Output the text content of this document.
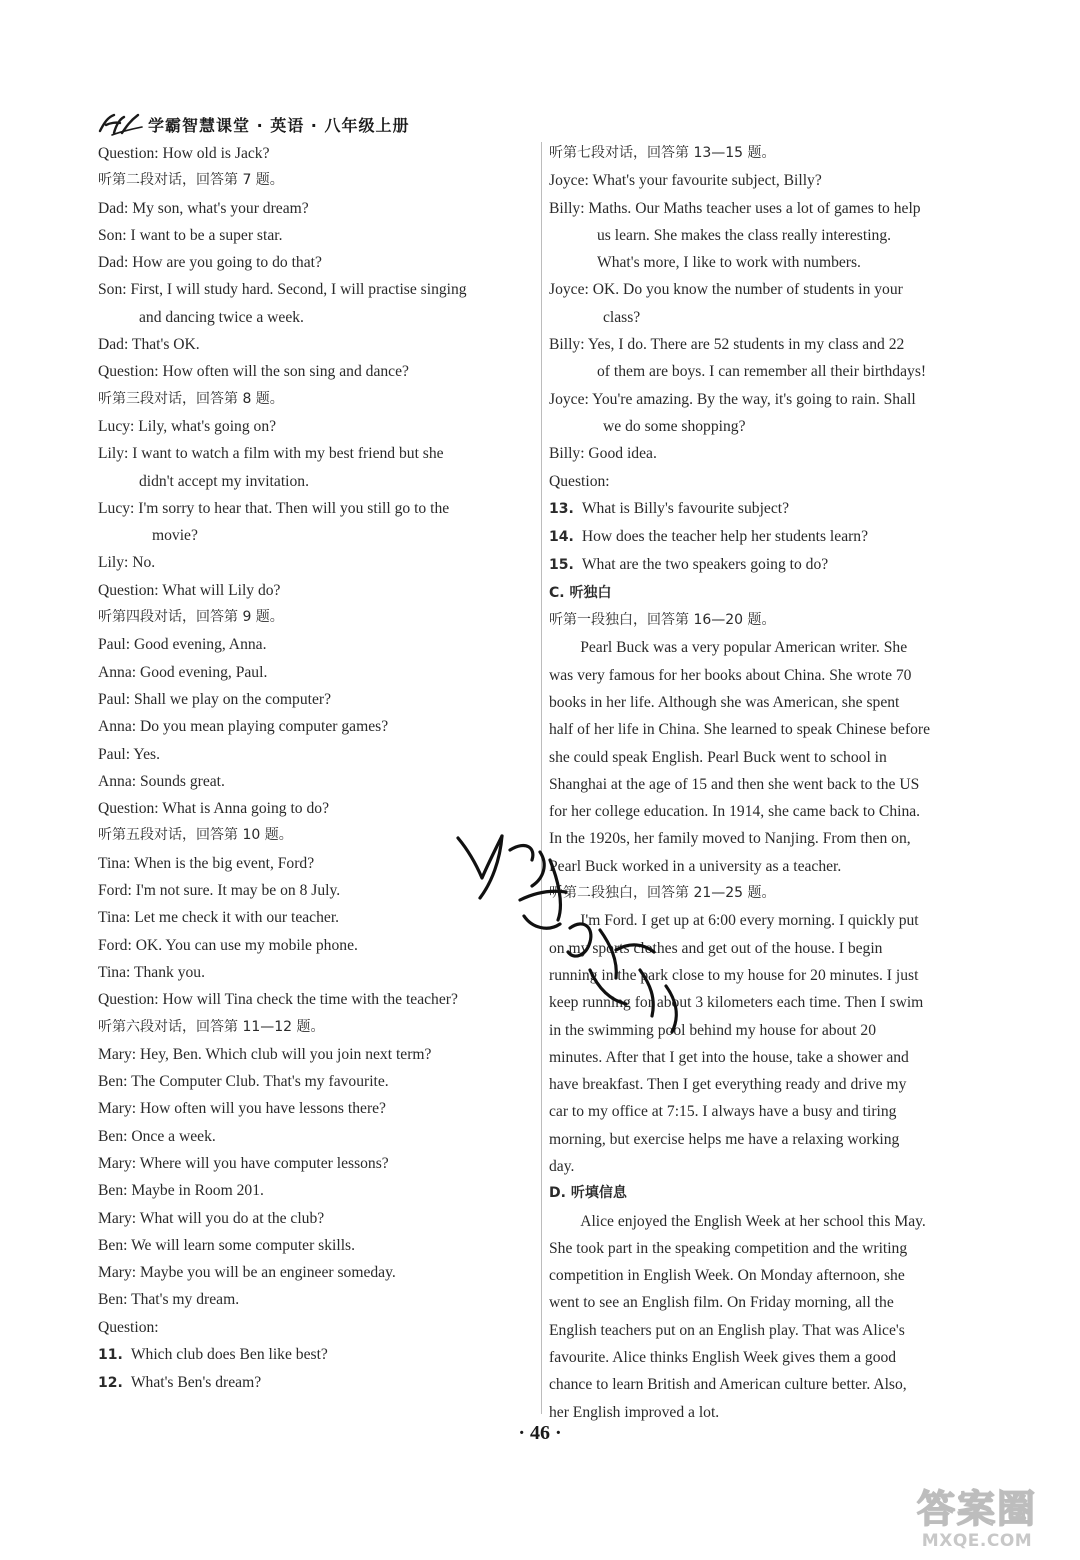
学霸智慧课堂 · 英语 · 八年级上册
Question: How old is Jack?
听第二段对话，回答第 7 题。
Dad: My son, what's your dream?
Son: I want to be a super star.
Dad: How are you going to do that?
Son: First, I will study hard. Second, I will practise singing
and dancing twice a week.
Dad: That's OK.
Question: How often will the son sing and dance?
听第三段对话，回答第 8 题。
Lucy: Lily, what's going on?
Lily: I want to watch a film with my best friend but she
didn't accept my invitation.
Lucy: I'm sorry to hear that. Then will you still go to the
movie?
Lily: No.
Question: What will Lily do?
听第四段对话，回答第 9 题。
Paul: Good evening, Anna.
Anna: Good evening, Paul.
Paul: Shall we play on the computer?
Anna: Do you mean playing computer games?
Paul: Yes.
Anna: Sounds great.
Question: What is Anna going to do?
听第五段对话，回答第 10 题。
Tina: When is the big event, Ford?
Ford: I'm not sure. It may be on 8 July.
Tina: Let me check it with our teacher.
Ford: OK. You can use my mobile phone.
Tina: Thank you.
Question: How will Tina check the time with the teacher?
听第六段对话，回答第 11—12 题。
Mary: Hey, Ben. Which club will you join next term?
Ben: The Computer Club. That's my favourite.
Mary: How often will you have lessons there?
Ben: Once a week.
Mary: Where will you have computer lessons?
Ben: Maybe in Room 201.
Mary: What will you do at the club?
Ben: We will learn some computer skills.
Mary: Maybe you will be an engineer someday.
Ben: That's my dream.
Question:
11. Which club does Ben like best?
12. What's Ben's dream?
听第七段对话，回答第 13—15 题。
Joyce: What's your favourite subject, Billy?
Billy: Maths. Our Maths teacher uses a lot of games to help
us learn. She makes the class really interesting.
What's more, I like to work with numbers.
Joyce: OK. Do you know the number of students in your
class?
Billy: Yes, I do. There are 52 students in my class and 22
of them are boys. I can remember all their birthdays!
Joyce: You're amazing. By the way, it's going to rain. Shall
we do some shopping?
Billy: Good idea.
Question:
13. What is Billy's favourite subject?
14. How does the teacher help her students learn?
15. What are the two speakers going to do?
C. 听独白
听第一段独白，回答第 16—20 题。
Pearl Buck was a very popular American writer. She
was very famous for her books about China. She wrote 70
books in her life. Although she was American, she spent
half of her life in China. She learned to speak Chinese before
she could speak English. Pearl Buck went to school in
Shanghai at the age of 15 and then she went back to the US
for her college education. In 1914, she came back to China.
In the 1920s, her family moved to Nanjing. From then on,
Pearl Buck worked in a university as a teacher.
听第二段独白，回答第 21—25 题。
I'm Ford. I get up at 6:00 every morning. I quickly put
on my sports clothes and get out of the house. I begin
running in the park close to my house for 20 minutes. I just
keep running for about 3 kilometers each time. Then I swim
in the swimming pool behind my house for about 20
minutes. After that I get into the house, take a shower and
have breakfast. Then I get everything ready and drive my
car to my office at 7:15. I always have a busy and tiring
morning, but exercise helps me have a relaxing working
day.
D. 听填信息
Alice enjoyed the English Week at her school this May.
She took part in the speaking competition and the writing
competition in English Week. On Monday afternoon, she
went to see an English film. On Friday morning, all the
English teachers put on an English play. That was Alice's
favourite. Alice thinks English Week gives them a good
chance to learn British and American culture better. Also,
her English improved a lot.
· 46 ·
答案圈
MXQE.COM
